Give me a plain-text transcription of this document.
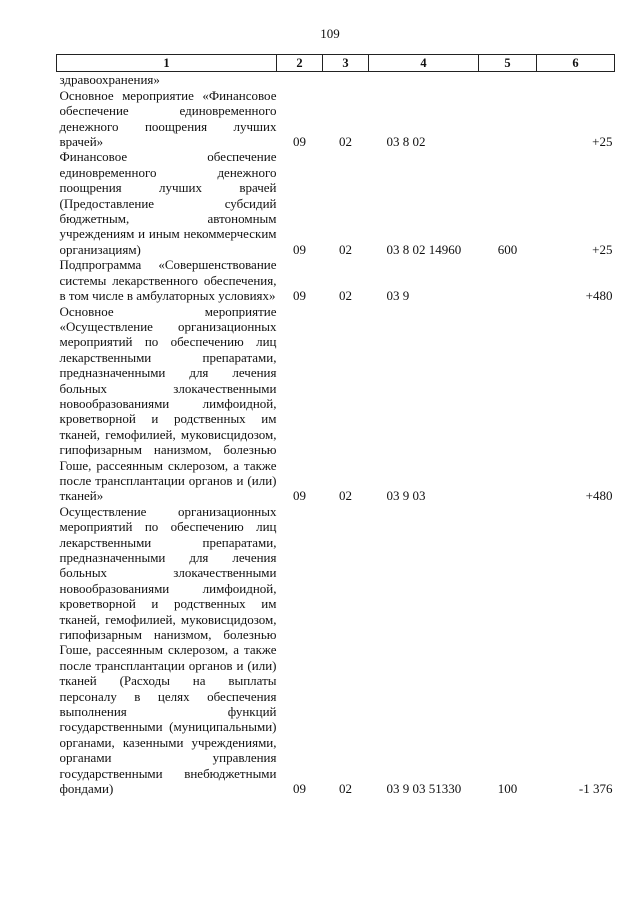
109
1	2	3	4	5	6
здравоохранения»					
Основное мероприятие «Финансовое обеспечение единовременного денежного поощрения лучших врачей»	09	02	03 8 02		+25
Финансовое обеспечение единовременного денежного поощрения лучших врачей (Предоставление субсидий бюджетным, автономным учреждениям и иным некоммерческим организациям)	09	02	03 8 02 14960	600	+25
Подпрограмма «Совершенствование системы лекарственного обеспечения, в том числе в амбулаторных условиях»	09	02	03 9		+480
Основное мероприятие «Осуществление организационных мероприятий по обеспечению лиц лекарственными препаратами, предназначенными для лечения больных злокачественными новообразованиями лимфоидной, кроветворной и родственных им тканей, гемофилией, муковисцидозом, гипофизарным нанизмом, болезнью Гоше, рассеянным склерозом, а также после трансплантации органов и (или) тканей»	09	02	03 9 03		+480
Осуществление организационных мероприятий по обеспечению лиц лекарственными препаратами, предназначенными для лечения больных злокачественными новообразованиями лимфоидной, кроветворной и родственных им тканей, гемофилией, муковисцидозом, гипофизарным нанизмом, болезнью Гоше, рассеянным склерозом, а также после трансплантации органов и (или) тканей (Расходы на выплаты персоналу в целях обеспечения выполнения функций государственными (муниципальными) органами, казенными учреждениями, органами управления государственными внебюджетными фондами)	09	02	03 9 03 51330	100	-1 376
